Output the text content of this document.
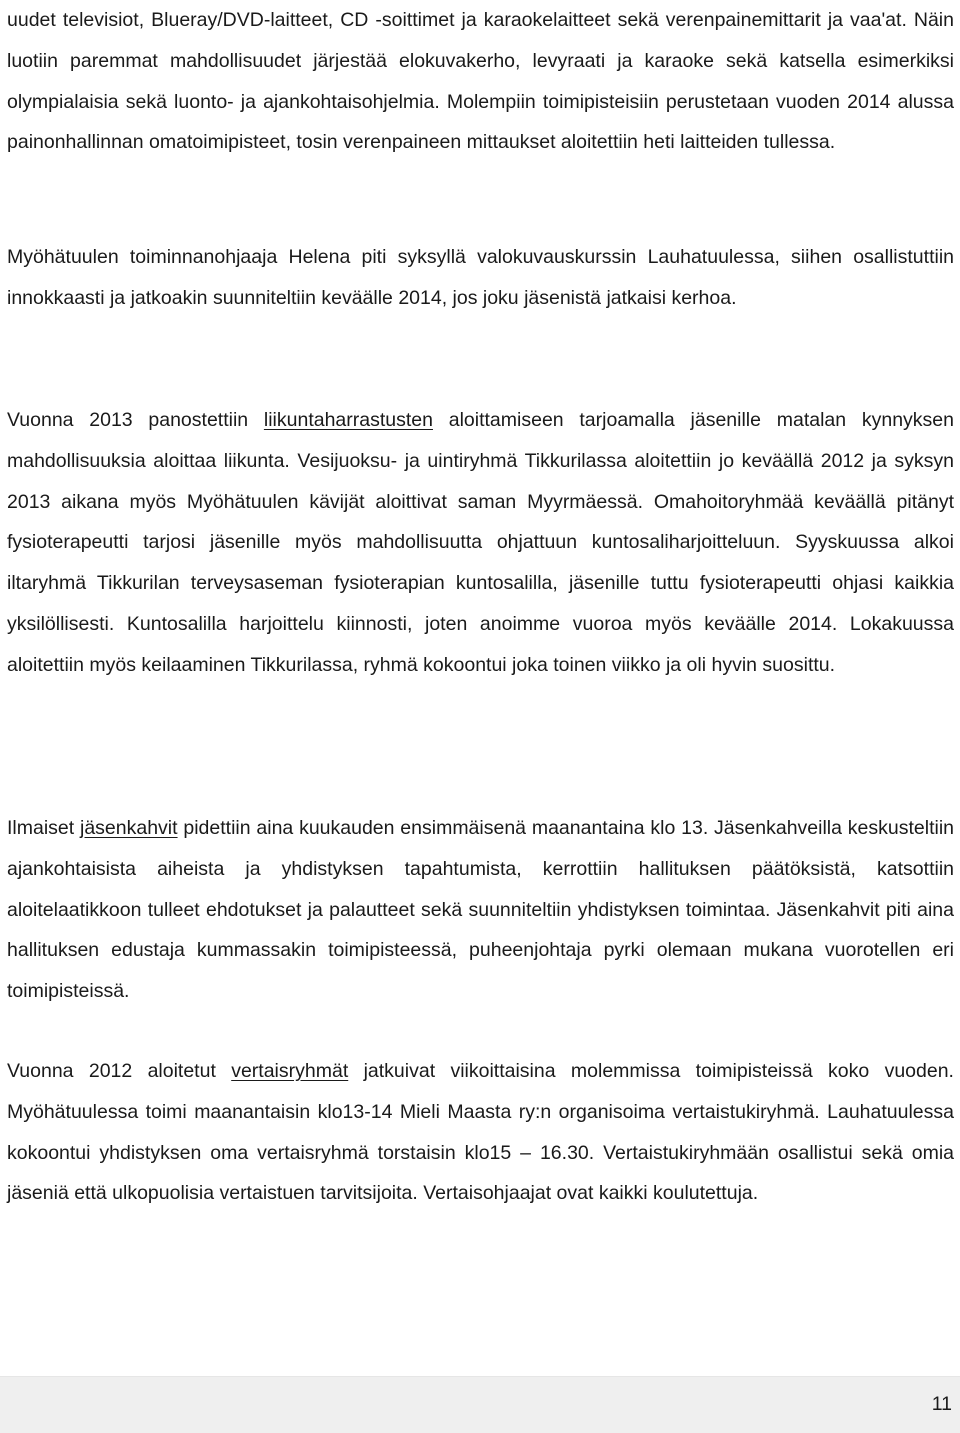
uudet televisiot, Blueray/DVD-laitteet, CD -soittimet ja karaokelaitteet sekä verenpainemittarit ja vaa'at. Näin luotiin paremmat mahdollisuudet järjestää elokuvakerho, levyraati ja karaoke sekä katsella esimerkiksi olympialaisia sekä luonto- ja ajankohtaisohjelmia. Molempiin toimipisteisiin perustetaan vuoden 2014 alussa painonhallinnan omatoimipisteet, tosin verenpaineen mittaukset aloitettiin heti laitteiden tullessa.

Myöhätuulen toiminnanohjaaja Helena piti syksyllä valokuvauskurssin Lauhatuulessa, siihen osallistuttiin innokkaasti ja jatkoakin suunniteltiin keväälle 2014, jos joku jäsenistä jatkaisi kerhoa.

Vuonna 2013 panostettiin liikuntaharrastusten aloittamiseen tarjoamalla jäsenille matalan kynnyksen mahdollisuuksia aloittaa liikunta. Vesijuoksu- ja uintiryhmä Tikkurilassa aloitettiin jo keväällä 2012 ja syksyn 2013 aikana myös Myöhätuulen kävijät aloittivat saman Myyrmäessä. Omahoitoryhmää keväällä pitänyt fysioterapeutti tarjosi jäsenille myös mahdollisuutta ohjattuun kuntosaliharjoitteluun. Syyskuussa alkoi iltaryhmä Tikkurilan terveysaseman fysioterapian kuntosalilla, jäsenille tuttu fysioterapeutti ohjasi kaikkia yksilöllisesti. Kuntosalilla harjoittelu kiinnosti, joten anoimme vuoroa myös keväälle 2014. Lokakuussa aloitettiin myös keilaaminen Tikkurilassa, ryhmä kokoontui joka toinen viikko ja oli hyvin suosittu.

Ilmaiset jäsenkahvit pidettiin aina kuukauden ensimmäisenä maanantaina klo 13. Jäsenkahveilla keskusteltiin ajankohtaisista aiheista ja yhdistyksen tapahtumista, kerrottiin hallituksen päätöksistä, katsottiin aloitelaatikkoon tulleet ehdotukset ja palautteet sekä suunniteltiin yhdistyksen toimintaa. Jäsenkahvit piti aina hallituksen edustaja kummassakin toimipisteessä, puheenjohtaja pyrki olemaan mukana vuorotellen eri toimipisteissä.

Vuonna 2012 aloitetut vertaisryhmät jatkuivat viikoittaisina molemmissa toimipisteissä koko vuoden. Myöhätuulessa toimi maanantaisin klo13-14 Mieli Maasta ry:n organisoima vertaistukiryhmä. Lauhatuulessa kokoontui yhdistyksen oma vertaisryhmä torstaisin klo15 – 16.30. Vertaistukiryhmään osallistui sekä omia jäseniä että ulkopuolisia vertaistuen tarvitsijoita. Vertaisohjaajat ovat kaikki koulutettuja.

11
